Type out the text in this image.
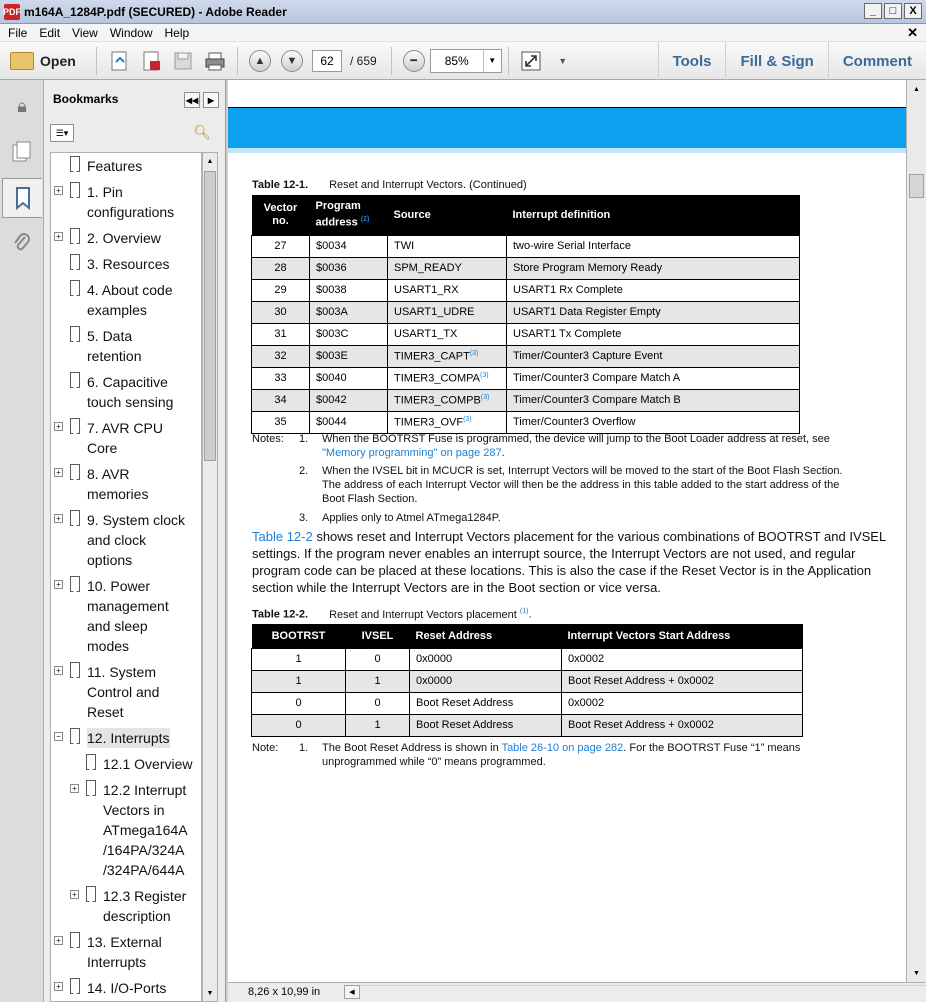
PDF m164A_1284P.pdf (SECURED) - Adobe Reader	_	□	X
File	Edit	View	Window	Help	✕
Open	▲	▼	62	/ 659	━	85%	▼	▼	Tools	Fill & Sign	Comment
🔒︎	Bookmarks	◀◀	▶
☰▾	🔍︎
Features
+ 1. Pin
configurations
+ 2. Overview
3. Resources
4. About code
examples
5. Data
retention
6. Capacitive
touch sensing
+ 7. AVR CPU
Core
+ 8. AVR
memories
+ 9. System clock
and clock
options
+ 10. Power
management
and sleep
modes
+ 11. System
Control and
Reset
− 12. Interrupts
12.1 Overview
+ 12.2 Interrupt
Vectors in
ATmega164A
/164PA/324A
/324PA/644A
+ 12.3 Register
description
+ 13. External
Interrupts
+ 14. I/O-Ports
▲
▼
Table 12-1. Reset and Interrupt Vectors. (Continued)
Vector
no.	Program
address $^{(2)}$	Source	Interrupt definition
27	$0034	TWI	two-wire Serial Interface
28	$0036	SPM_READY	Store Program Memory Ready
29	$0038	USART1_RX	USART1 Rx Complete
30	$003A	USART1_UDRE	USART1 Data Register Empty
31	$003C	USART1_TX	USART1 Tx Complete
32	$003E	TIMER3_CAPT$^{(3)}$	Timer/Counter3 Capture Event
33	$0040	TIMER3_COMPA$^{(3)}$	Timer/Counter3 Compare Match A
34	$0042	TIMER3_COMPB$^{(3)}$	Timer/Counter3 Compare Match B
35	$0044	TIMER3_OVF$^{(3)}$	Timer/Counter3 Overflow
Notes: 1. When the BOOTRST Fuse is programmed, the device will jump to the Boot Loader address at reset, see
"Memory programming" on page 287.
2. When the IVSEL bit in MCUCR is set, Interrupt Vectors will be moved to the start of the Boot Flash Section.
The address of each Interrupt Vector will then be the address in this table added to the start address of the
Boot Flash Section.
3. Applies only to Atmel ATmega1284P.
Table 12-2 shows reset and Interrupt Vectors placement for the various combinations of BOOTRST and IVSEL
settings. If the program never enables an interrupt source, the Interrupt Vectors are not used, and regular
program code can be placed at these locations. This is also the case if the Reset Vector is in the Application
section while the Interrupt Vectors are in the Boot section or vice versa.
Table 12-2. Reset and Interrupt Vectors placement $^{(1)}$.
BOOTRST	IVSEL	Reset Address	Interrupt Vectors Start Address
1	0	0x0000	0x0002
1	1	0x0000	Boot Reset Address + 0x0002
0	0	Boot Reset Address	0x0002
0	1	Boot Reset Address	Boot Reset Address + 0x0002
Note: 1. The Boot Reset Address is shown in Table 26-10 on page 282. For the BOOTRST Fuse “1” means
unprogrammed while “0” means programmed.
▲
▼
8,26 x 10,99 in	◀
